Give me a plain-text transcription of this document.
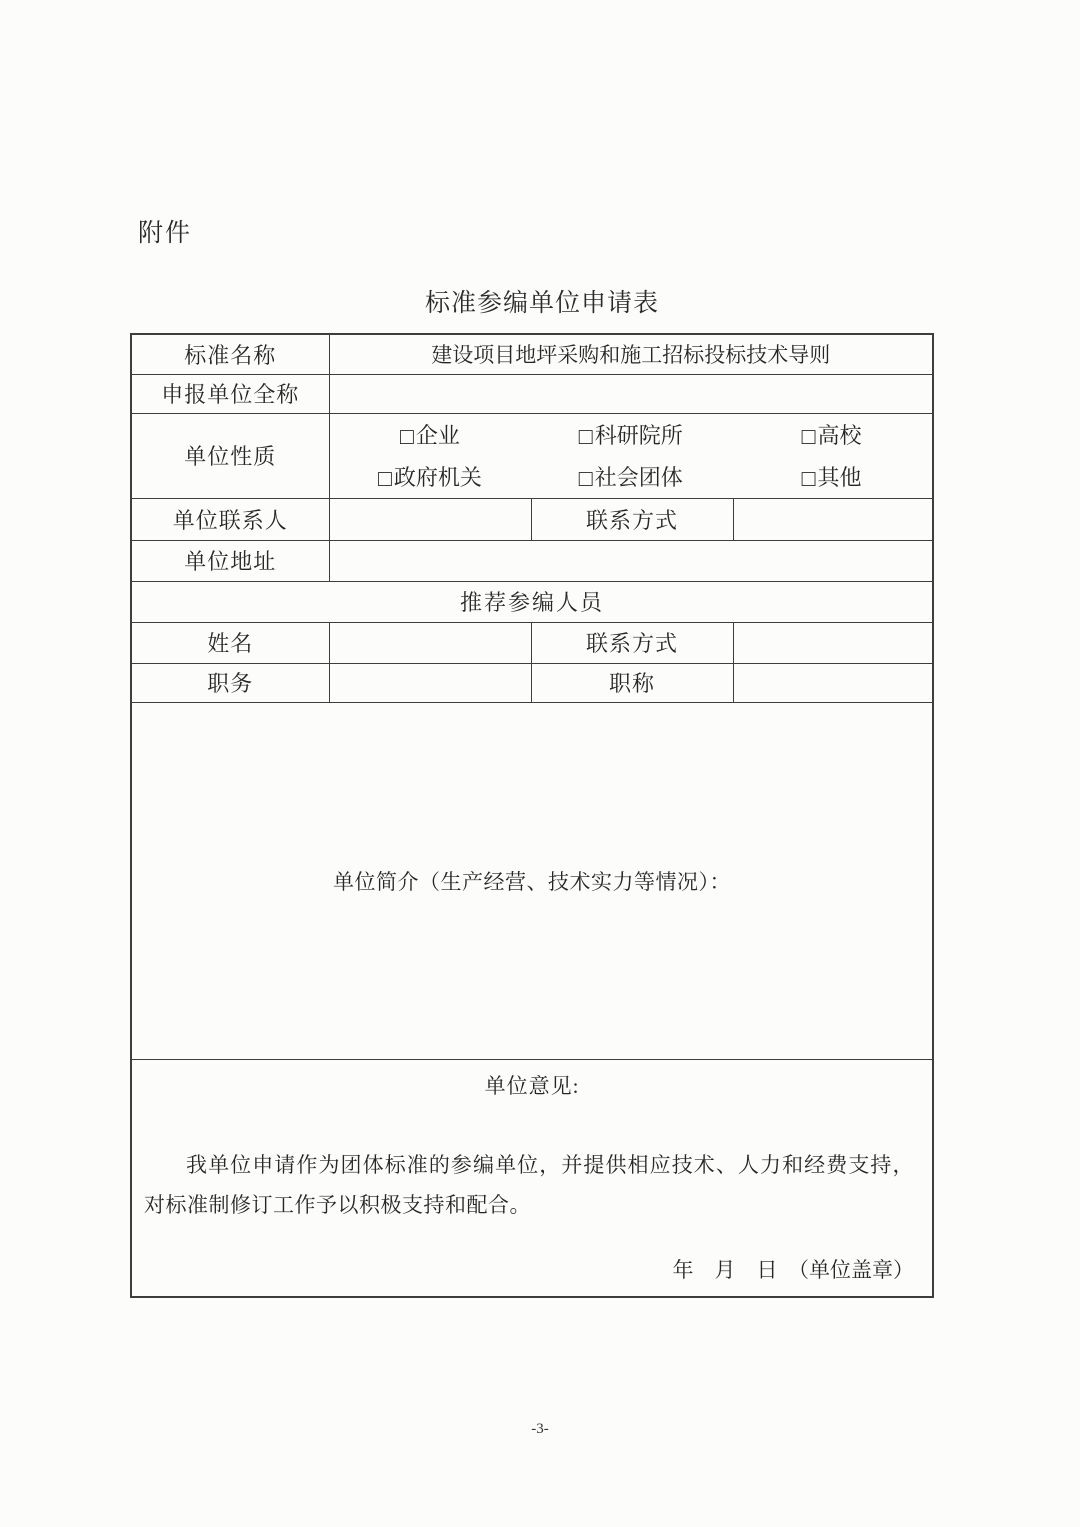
附件
标准参编单位申请表
标准名称	建设项目地坪采购和施工招标投标技术导则		
申报单位全称			
单位性质	
□企业	□科研院所	□高校
□政府机关	□社会团体	□其他

单位联系人		联系方式	
单位地址			
推荐参编人员			
姓名		联系方式	
职务		职称	

单位简介（生产经营、技术实力等情况）：			

单位意见:
我单位申请作为团体标准的参编单位，并提供相应技术、人力和经费支持，对标准制修订工作予以积极支持和配合。
年　月　日　（单位盖章）			
-3-
